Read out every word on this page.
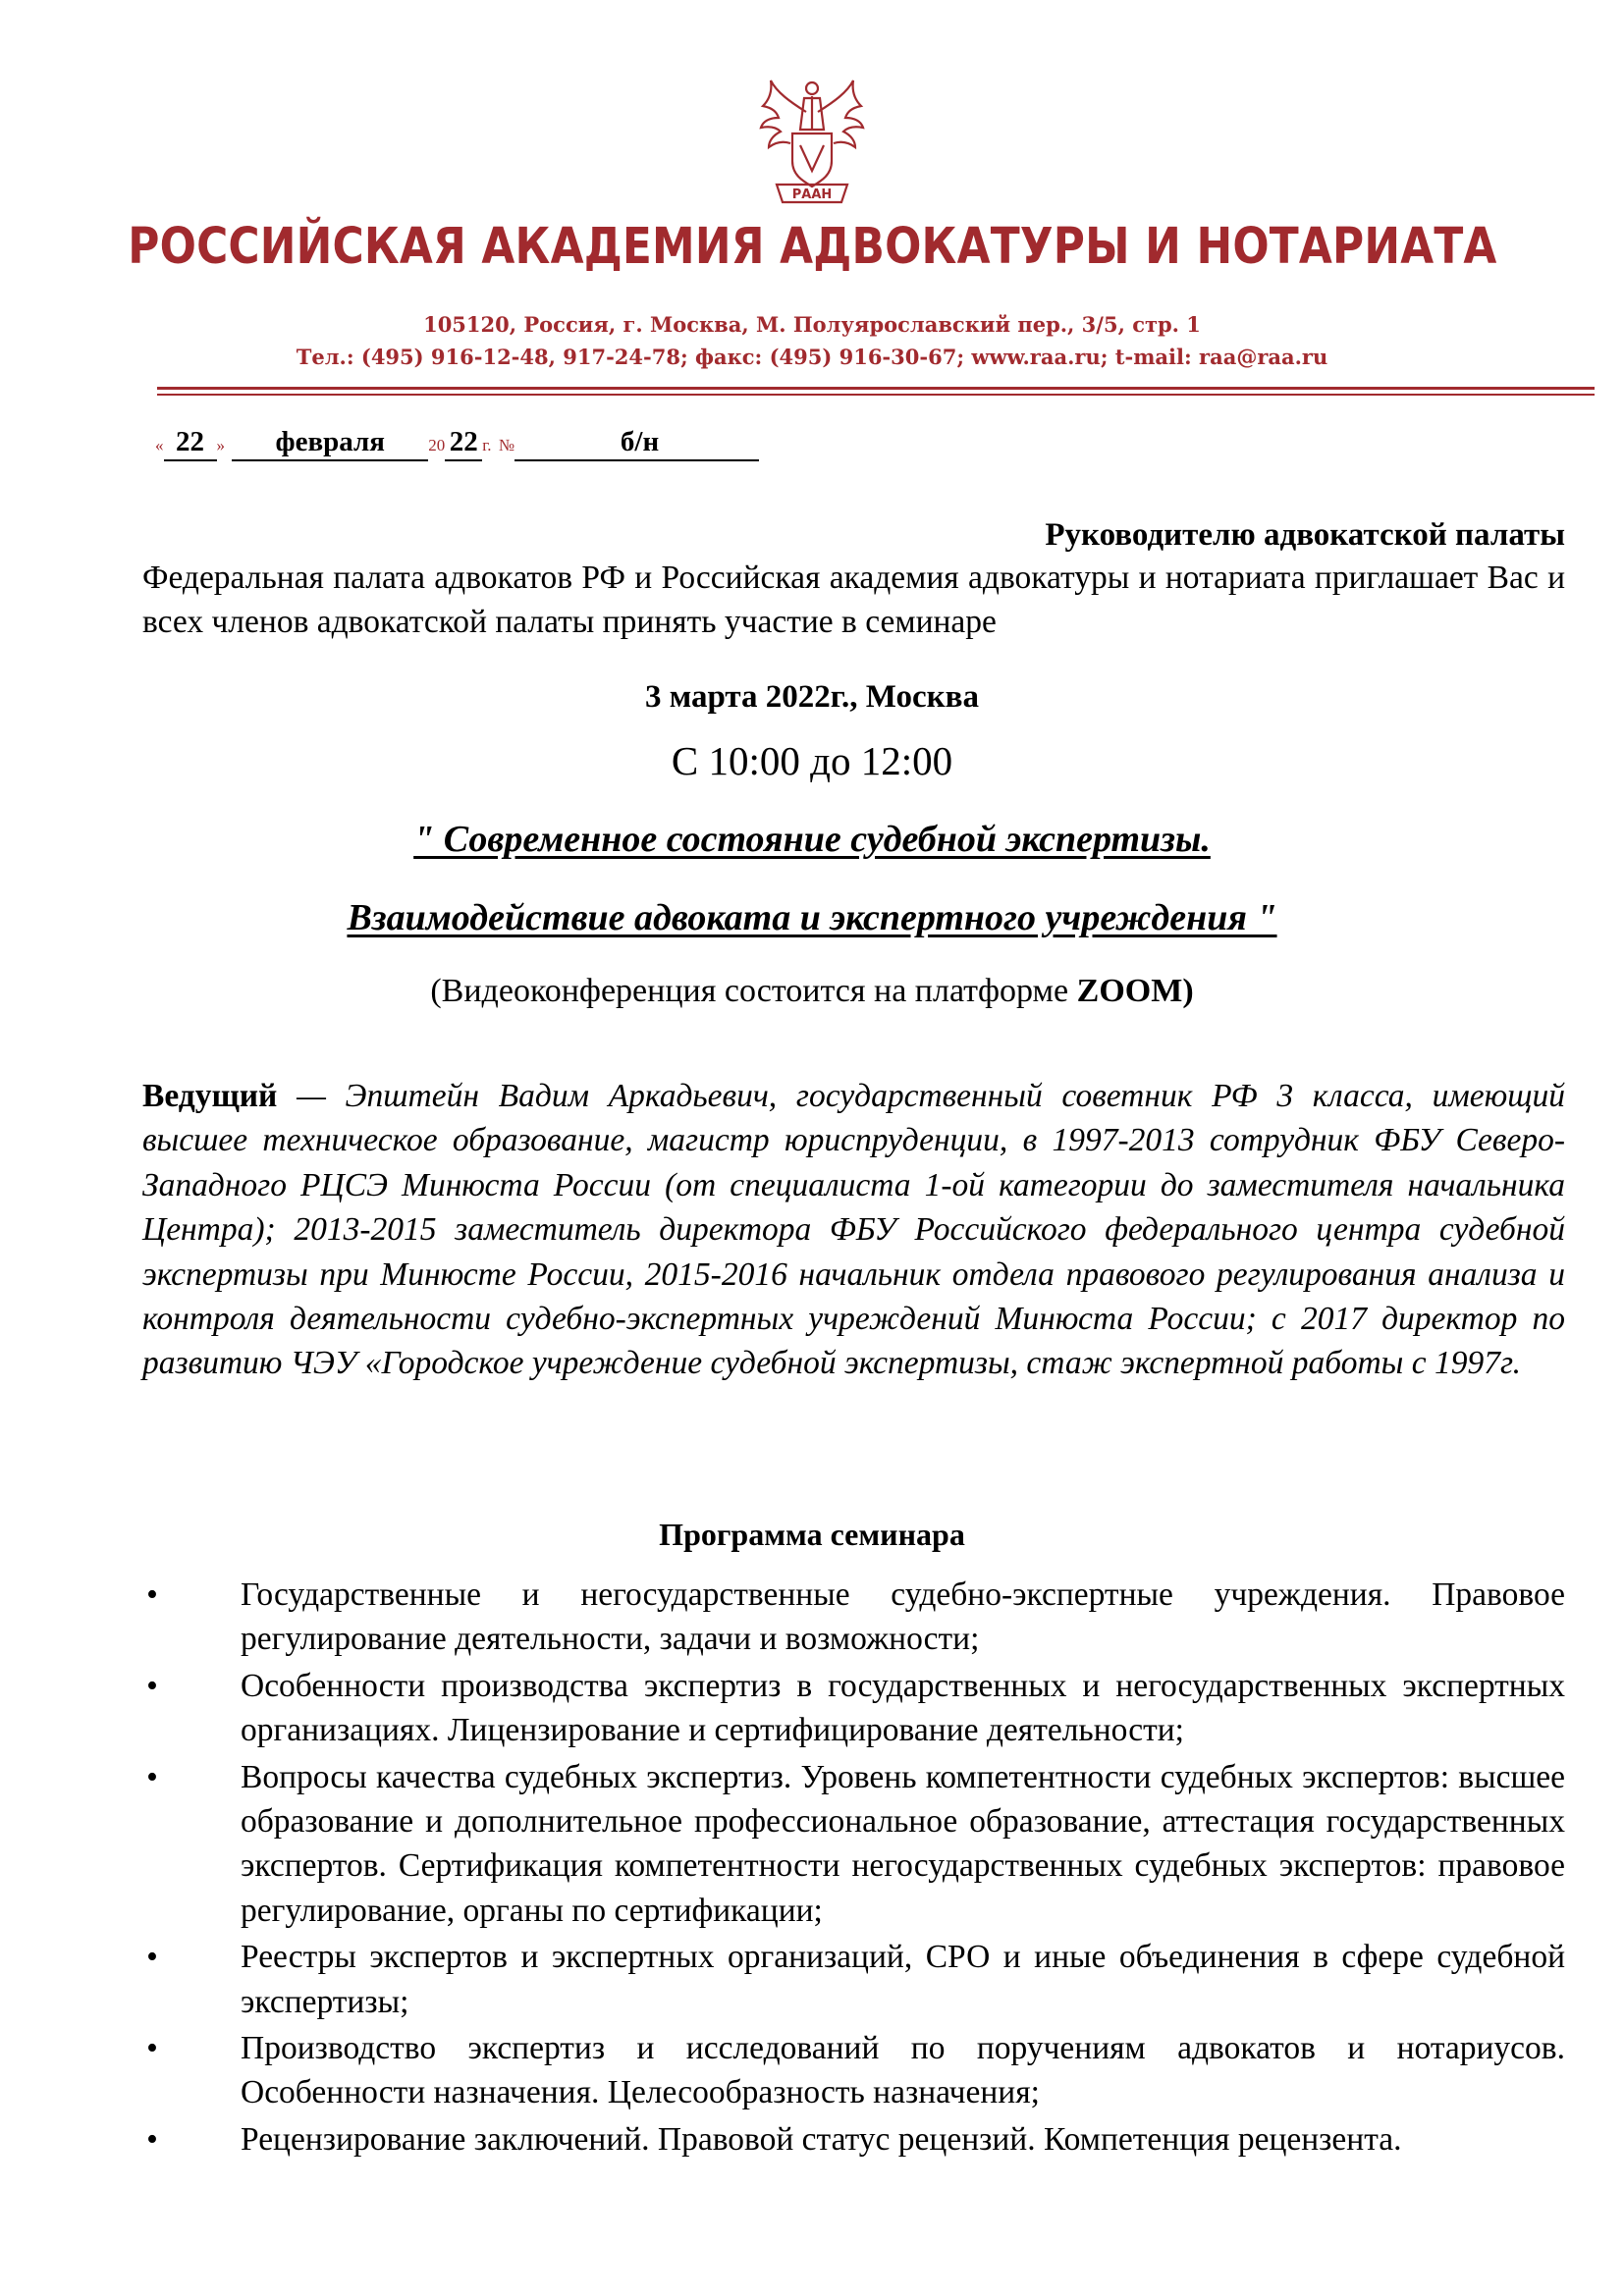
РААН
РОССИЙСКАЯ АКАДЕМИЯ АДВОКАТУРЫ И НОТАРИАТА
105120, Россия, г. Москва, М. Полуярославский пер., 3/5, стр. 1
Тел.: (495) 916-12-48, 917-24-78; факс: (495) 916-30-67; www.raa.ru; t-mail: raa@raa.ru
« 22 » февраля	20 22 г. №	б/н
Руководителю адвокатской палаты
Федеральная палата адвокатов РФ и Российская академия адвокатуры и нотариата приглашает Вас и всех членов адвокатской палаты принять участие в семинаре
3 марта 2022г., Москва
С 10:00 до 12:00
" Современное состояние судебной экспертизы.
Взаимодействие адвоката и экспертного учреждения "
(Видеоконференция состоится на платформе ZOOM)
Ведущий — Эпштейн Вадим Аркадьевич, государственный советник РФ 3 класса, имеющий высшее техническое образование, магистр юриспруденции, в 1997-2013 сотрудник ФБУ Северо-Западного РЦСЭ Минюста России (от специалиста 1-ой категории до заместителя начальника Центра); 2013-2015 заместитель директора ФБУ Российского федерального центра судебной экспертизы при Минюсте России, 2015-2016 начальник отдела правового регулирования анализа и контроля деятельности судебно-экспертных учреждений Минюста России; с 2017 директор по развитию ЧЭУ «Городское учреждение судебной экспертизы, стаж экспертной работы с 1997г.
Программа семинара
•	Государственные и негосударственные судебно-экспертные учреждения. Правовое регулирование деятельности, задачи и возможности;
•	Особенности производства экспертиз в государственных и негосударственных экспертных организациях. Лицензирование и сертифицирование деятельности;
•	Вопросы качества судебных экспертиз. Уровень компетентности судебных экспертов: высшее образование и дополнительное профессиональное образование, аттестация государственных экспертов. Сертификация компетентности негосударственных судебных экспертов: правовое регулирование, органы по сертификации;
•	Реестры экспертов и экспертных организаций, СРО и иные объединения в сфере судебной экспертизы;
•	Производство экспертиз и исследований по поручениям адвокатов и нотариусов. Особенности назначения. Целесообразность назначения;
•	Рецензирование заключений. Правовой статус рецензий. Компетенция рецензента.
